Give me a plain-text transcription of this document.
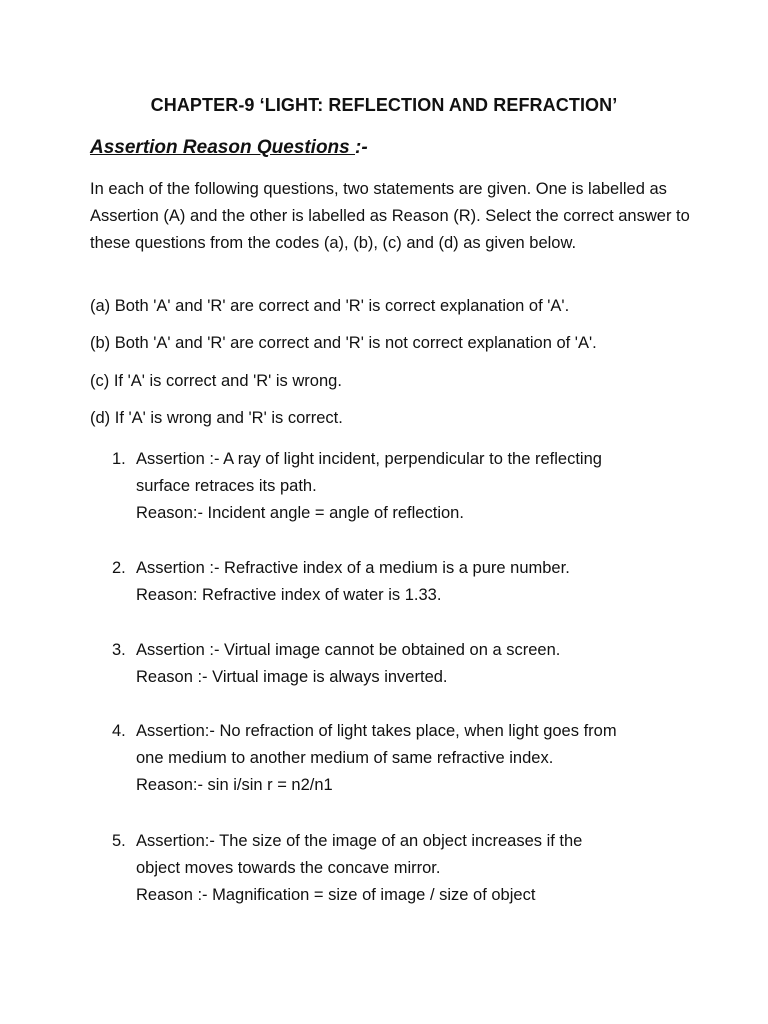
CHAPTER-9 ‘LIGHT: REFLECTION AND REFRACTION’
Assertion Reason Questions :-
In each of the following questions, two statements are given. One is labelled as Assertion (A) and the other is labelled as Reason (R). Select the correct answer to these questions from the codes (a), (b), (c) and (d) as given below.
(a) Both 'A' and 'R' are correct and 'R' is correct explanation of 'A'.
(b) Both 'A' and 'R' are correct and 'R' is not correct explanation of 'A'.
(c) If 'A' is correct and 'R' is wrong.
(d) If 'A' is wrong and 'R' is correct.
1. Assertion :- A ray of light incident, perpendicular to the reflecting
surface retraces its path.
Reason:- Incident angle = angle of reflection.
2. Assertion :- Refractive index of a medium is a pure number.
Reason: Refractive index of water is 1.33.
3. Assertion :- Virtual image cannot be obtained on a screen.
Reason :- Virtual image is always inverted.
4. Assertion:- No refraction of light takes place, when light goes from
one medium to another medium of same refractive index.
Reason:- sin i/sin r = n2/n1
5. Assertion:- The size of the image of an object increases if the
object moves towards the concave mirror.
Reason :- Magnification = size of image / size of object
